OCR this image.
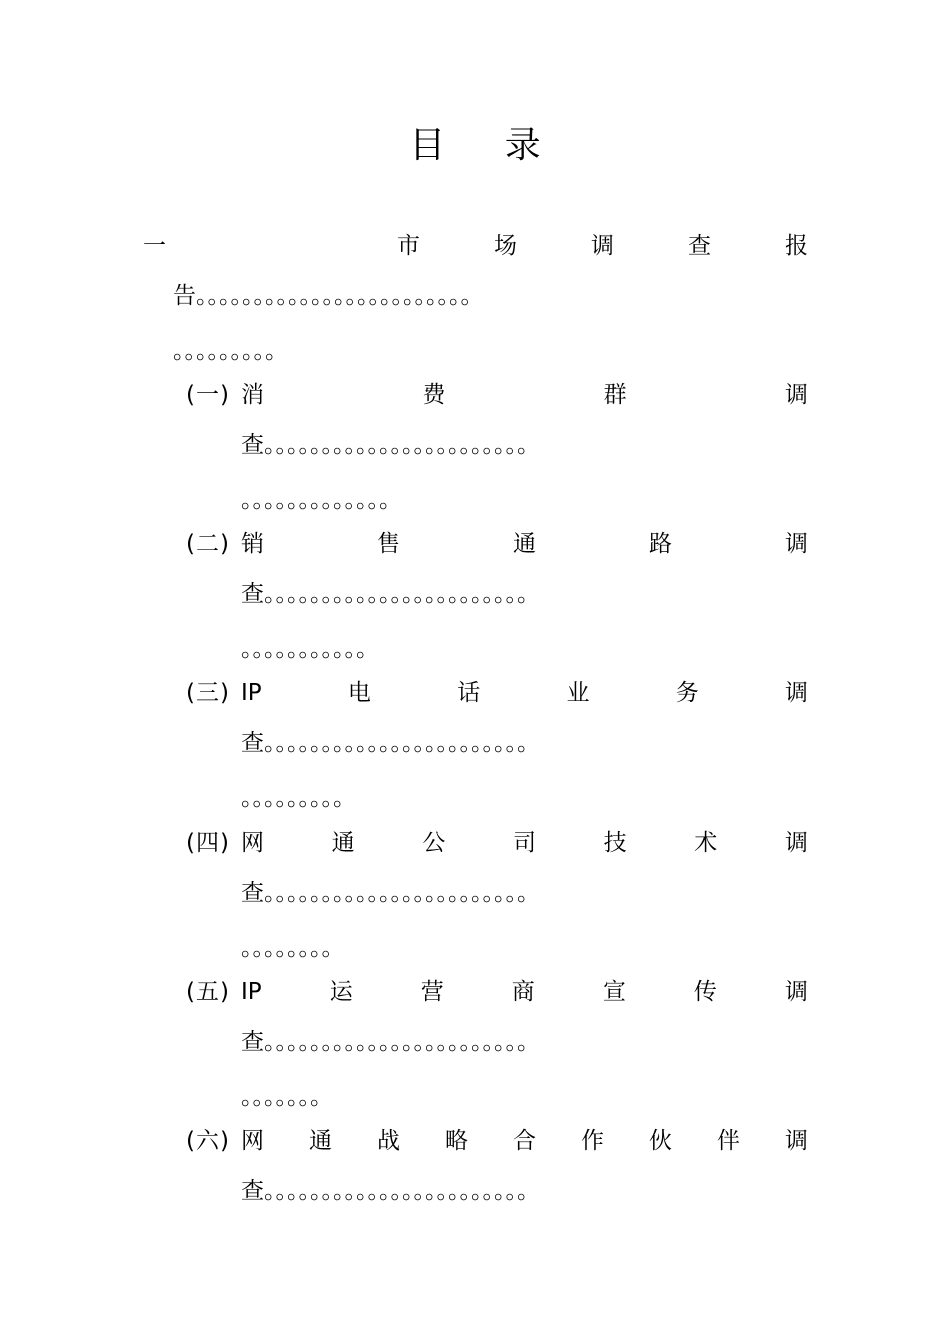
目 录
一	市	场	调	查	报
告 。。。。。。。。。。。。。。。。。。。。。。。。
。。。。。。。。。
(一) 消	费	群	调
查 。。。。。。。。。。。。。。。。。。。。。。。
。。。。。。。。。。。。。
(二) 销	售	通	路	调
查 。。。。。。。。。。。。。。。。。。。。。。。
。。。。。。。。。。。
(三) IP	电	话	业	务	调
查 。。。。。。。。。。。。。。。。。。。。。。。
。。。。。。。。。
(四) 网	通	公	司	技	术	调
查 。。。。。。。。。。。。。。。。。。。。。。。
。。。。。。。。
(五) IP	运	营	商	宣	传	调
查 。。。。。。。。。。。。。。。。。。。。。。。
。。。。。。。
(六) 网 通 战 略 合 作 伙 伴 调
查 。。。。。。。。。。。。。。。。。。。。。。。
